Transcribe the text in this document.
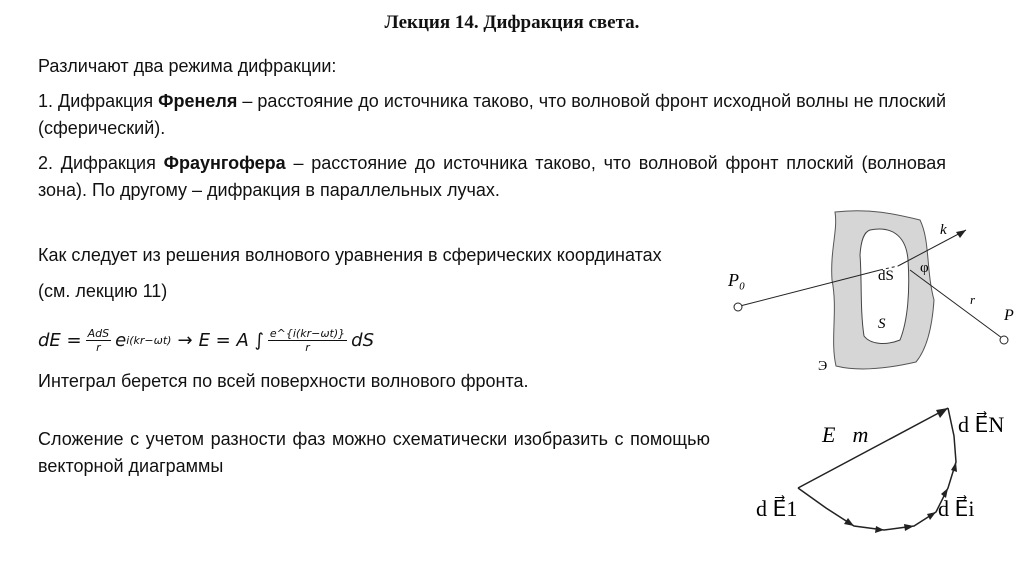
Лекция 14. Дифракция света.
Различают два режима дифракции:
1. Дифракция Френеля – расстояние до источника таково, что волновой фронт исходной волны не плоский (сферический).
2. Дифракция Фраунгофера – расстояние до источника таково, что волновой фронт плоский (волновая зона). По другому – дифракция в параллельных лучах.
Как следует из решения волнового уравнения в сферических координатах
(см. лекцию 11)
dE = $\frac{\text{AdS}}{r}$ e i(kr−ωt) → E = A ∫ $\frac{e\^{}\{i(kr-\omega t)\}}{r}$ dS
Интеграл берется по всей поверхности волнового фронта.
Сложение с учетом разности фаз можно схематически изобразить с помощью векторной диаграммы
P₀
P
k⃗
r⃗
dS φ
S
Э
E⃗m	d E⃗N
d E⃗1	d E⃗i
